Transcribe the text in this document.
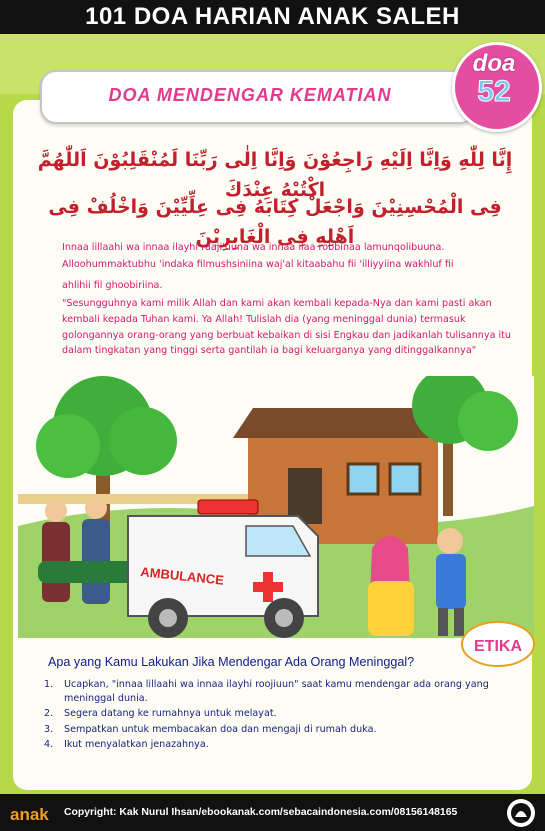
101 DOA HARIAN ANAK SALEH
DOA MENDENGAR KEMATIAN
doa
52
إِنَّا لِلّٰهِ وَاِنَّا اِلَيْهِ رَاجِعُوْنَ وَاِنَّا اِلٰى رَبِّنَا لَمُنْقَلِبُوْنَ اَللّٰهُمَّ اكْتُبْهُ عِنْدَكَ
فِى الْمُحْسِنِيْنَ وَاجْعَلْ كِتَابَهُ فِى عِلِّيِّيْنَ وَاخْلُفْ فِى اَهْلِهِ فِى الْغَابِرِيْنَ
Innaa lillaahi wa innaa ilayhi raaji'uuna wa innaa ilaa robbinaa lamunqolibuuna.
Alloohummaktubhu 'indaka filmushsiniina waj'al kitaabahu fii 'illiyyiina wakhluf fii
ahlihii fil ghoobiriina.
"Sesungguhnya kami milik Allah dan kami akan kembali kepada-Nya dan kami pasti akan kembali kepada Tuhan kami. Ya Allah! Tulislah dia (yang meninggal dunia) termasuk golongannya orang-orang yang berbuat kebaikan di sisi Engkau dan jadikanlah tulisannya itu dalam tingkatan yang tinggi serta gantilah ia bagi keluarganya yang ditinggalkannya"
AMBULANCE
ETIKA
Apa yang Kamu Lakukan Jika Mendengar Ada Orang Meninggal?
1. Ucapkan, "innaa lillaahi wa innaa ilayhi roojiuun" saat kamu mendengar ada orang yang meninggal dunia.
2. Segera datang ke rumahnya untuk melayat.
3. Sempatkan untuk membacakan doa dan mengaji di rumah duka.
4. Ikut menyalatkan jenazahnya.
anak Copyright: Kak Nurul Ihsan/ebookanak.com/sebacaindonesia.com/08156148165
